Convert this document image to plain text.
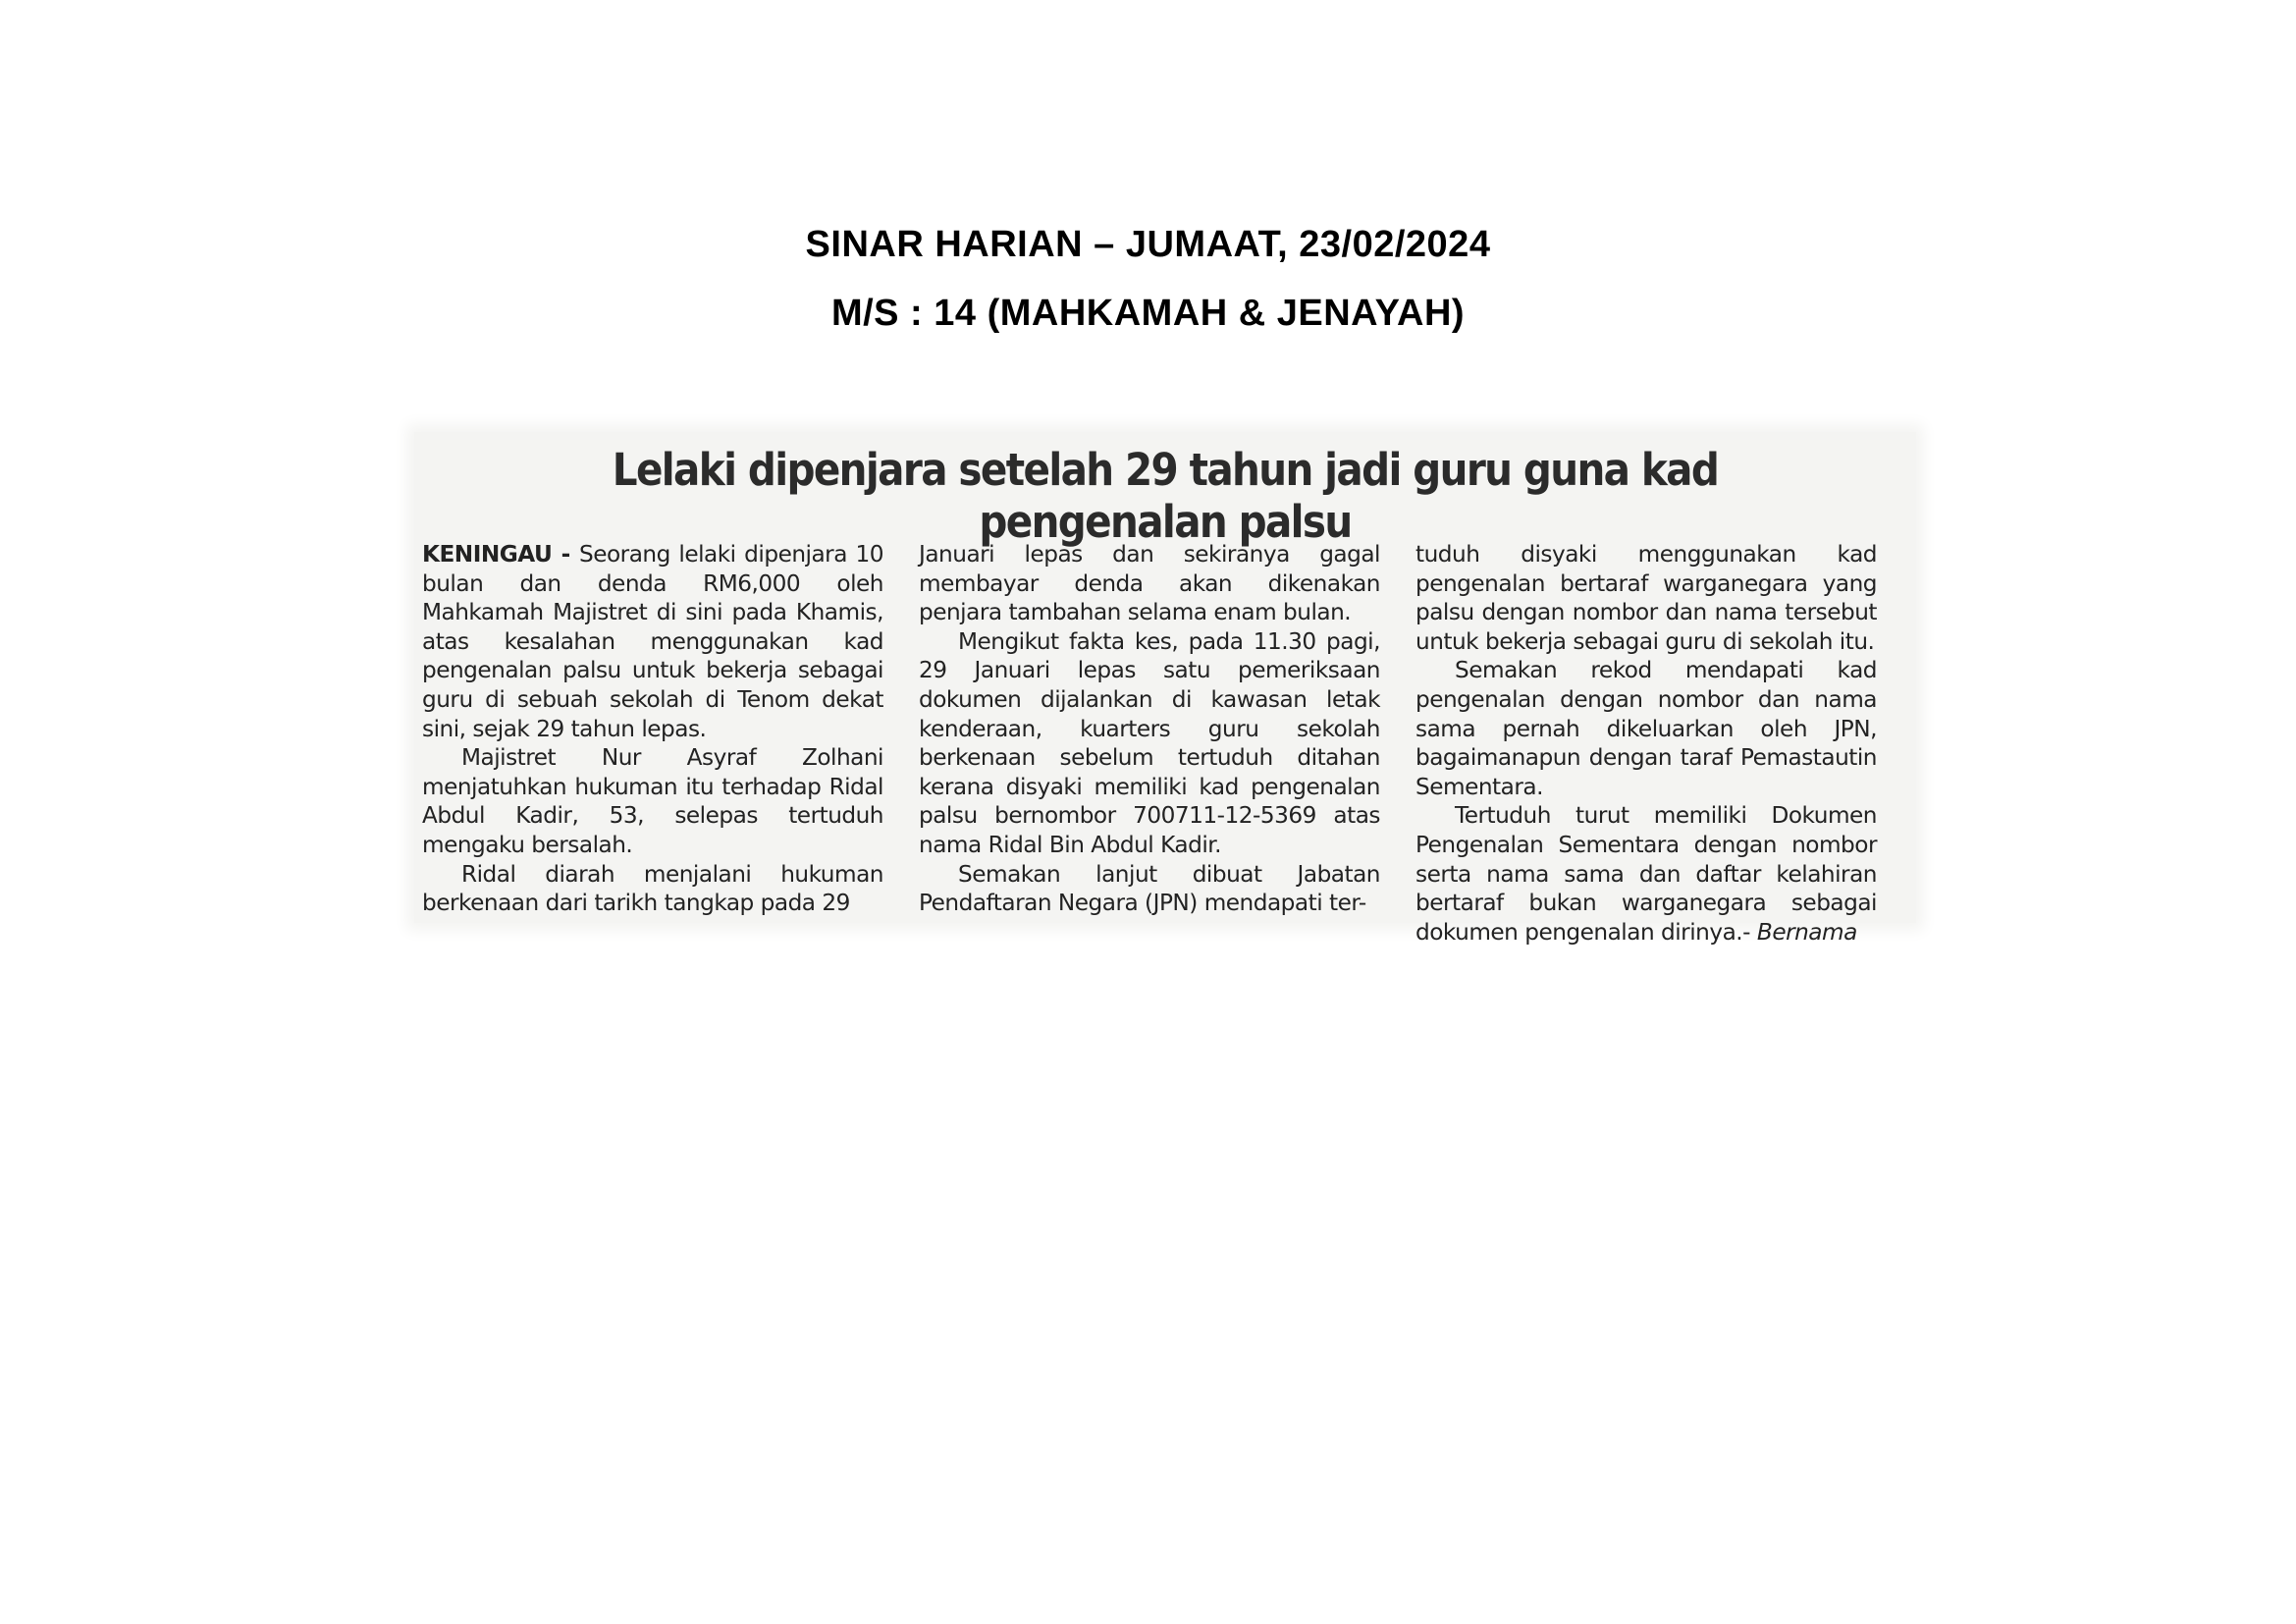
SINAR HARIAN – JUMAAT, 23/02/2024
M/S : 14 (MAHKAMAH & JENAYAH)
Lelaki dipenjara setelah 29 tahun jadi guru guna kad pengenalan palsu

KENINGAU - Seorang lelaki dipenjara 10 bulan dan denda RM6,000 oleh Mahkamah Majistret di sini pada Khamis, atas kesalahan menggunakan kad pengenalan palsu untuk bekerja sebagai guru di sebuah sekolah di Tenom dekat sini, sejak 29 tahun lepas.

Majistret Nur Asyraf Zolhani menjatuhkan hukuman itu terhadap Ridal Abdul Kadir, 53, selepas tertuduh mengaku bersalah.

Ridal diarah menjalani hukuman berkenaan dari tarikh tangkap pada 29

Januari lepas dan sekiranya gagal membayar denda akan dikenakan penjara tambahan selama enam bulan.

Mengikut fakta kes, pada 11.30 pagi, 29 Januari lepas satu pemeriksaan dokumen dijalankan di kawasan letak kenderaan, kuarters guru sekolah berkenaan sebelum tertuduh ditahan kerana disyaki memiliki kad pengenalan palsu bernombor 700711-12-5369 atas nama Ridal Bin Abdul Kadir.

Semakan lanjut dibuat Jabatan Pendaftaran Negara (JPN) mendapati ter-

tuduh disyaki menggunakan kad pengenalan bertaraf warganegara yang palsu dengan nombor dan nama tersebut untuk bekerja sebagai guru di sekolah itu.

Semakan rekod mendapati kad pengenalan dengan nombor dan nama sama pernah dikeluarkan oleh JPN, bagaimanapun dengan taraf Pemastautin Sementara.

Tertuduh turut memiliki Dokumen Pengenalan Sementara dengan nombor serta nama sama dan daftar kelahiran bertaraf bukan warganegara sebagai dokumen pengenalan dirinya.- Bernama
